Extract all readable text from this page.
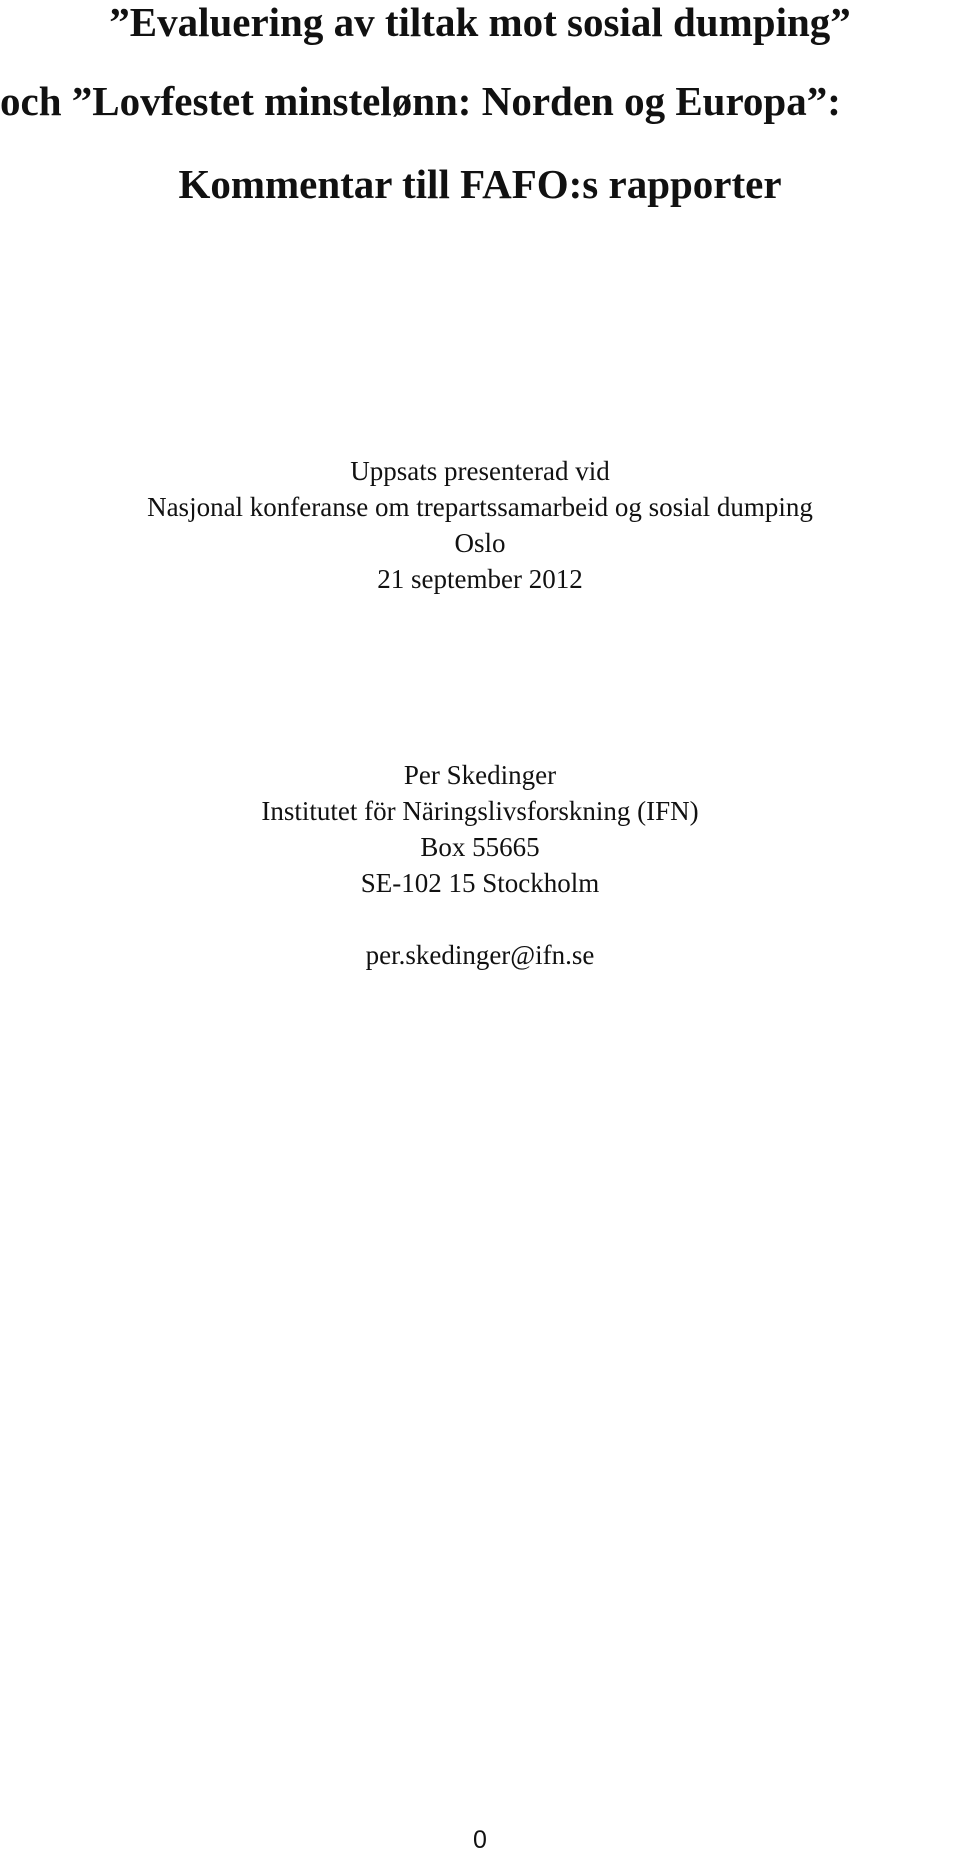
”Evaluering av tiltak mot sosial dumping”
och ”Lovfestet minstelønn: Norden og Europa”:
Kommentar till FAFO:s rapporter
Uppsats presenterad vid
Nasjonal konferanse om trepartssamarbeid og sosial dumping
Oslo
21 september 2012
Per Skedinger
Institutet för Näringslivsforskning (IFN)
Box 55665
SE-102 15 Stockholm
per.skedinger@ifn.se
0
